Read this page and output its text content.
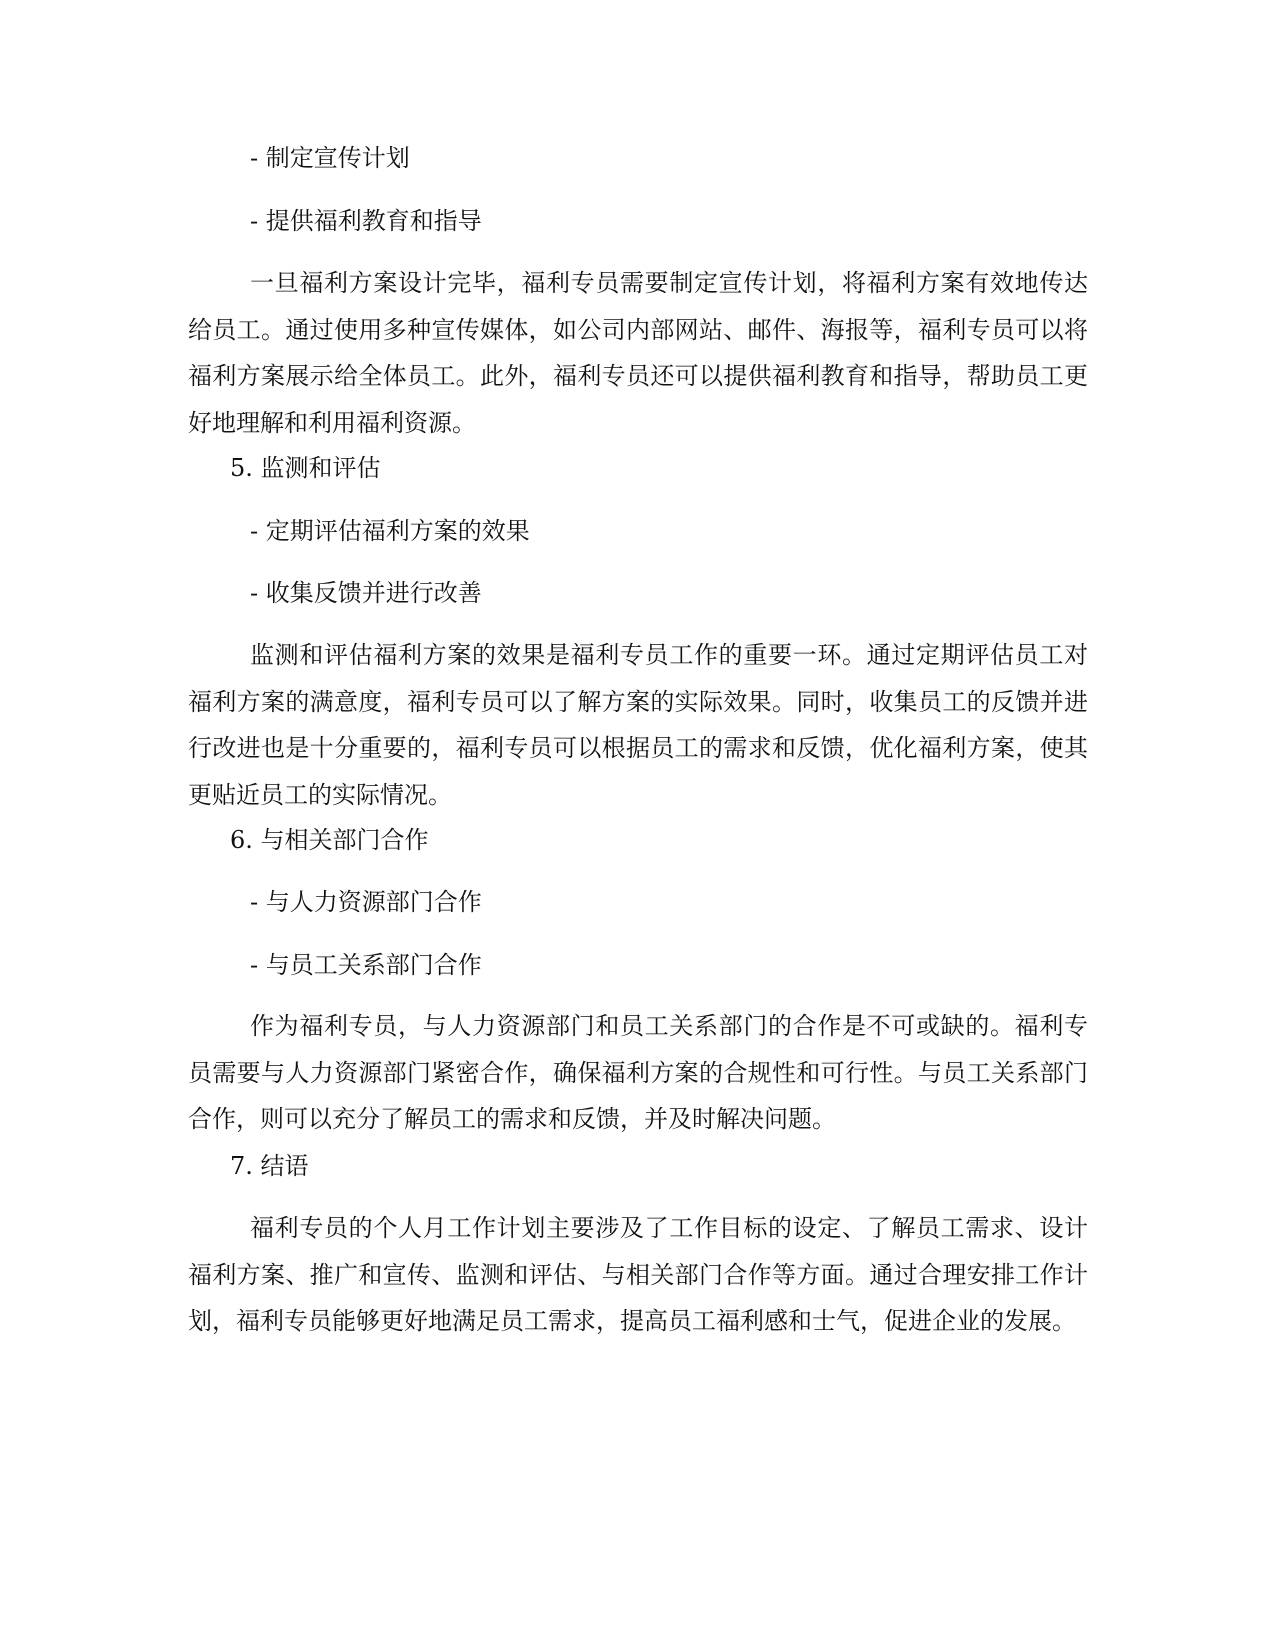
- 制定宣传计划

- 提供福利教育和指导

一旦福利方案设计完毕，福利专员需要制定宣传计划，将福利方案有效地传达给员工。通过使用多种宣传媒体，如公司内部网站、邮件、海报等，福利专员可以将福利方案展示给全体员工。此外，福利专员还可以提供福利教育和指导，帮助员工更好地理解和利用福利资源。

5. 监测和评估

- 定期评估福利方案的效果

- 收集反馈并进行改善

监测和评估福利方案的效果是福利专员工作的重要一环。通过定期评估员工对福利方案的满意度，福利专员可以了解方案的实际效果。同时，收集员工的反馈并进行改进也是十分重要的，福利专员可以根据员工的需求和反馈，优化福利方案，使其更贴近员工的实际情况。

6. 与相关部门合作

- 与人力资源部门合作

- 与员工关系部门合作

作为福利专员，与人力资源部门和员工关系部门的合作是不可或缺的。福利专员需要与人力资源部门紧密合作，确保福利方案的合规性和可行性。与员工关系部门合作，则可以充分了解员工的需求和反馈，并及时解决问题。

7. 结语

福利专员的个人月工作计划主要涉及了工作目标的设定、了解员工需求、设计福利方案、推广和宣传、监测和评估、与相关部门合作等方面。通过合理安排工作计划，福利专员能够更好地满足员工需求，提高员工福利感和士气，促进企业的发展。
